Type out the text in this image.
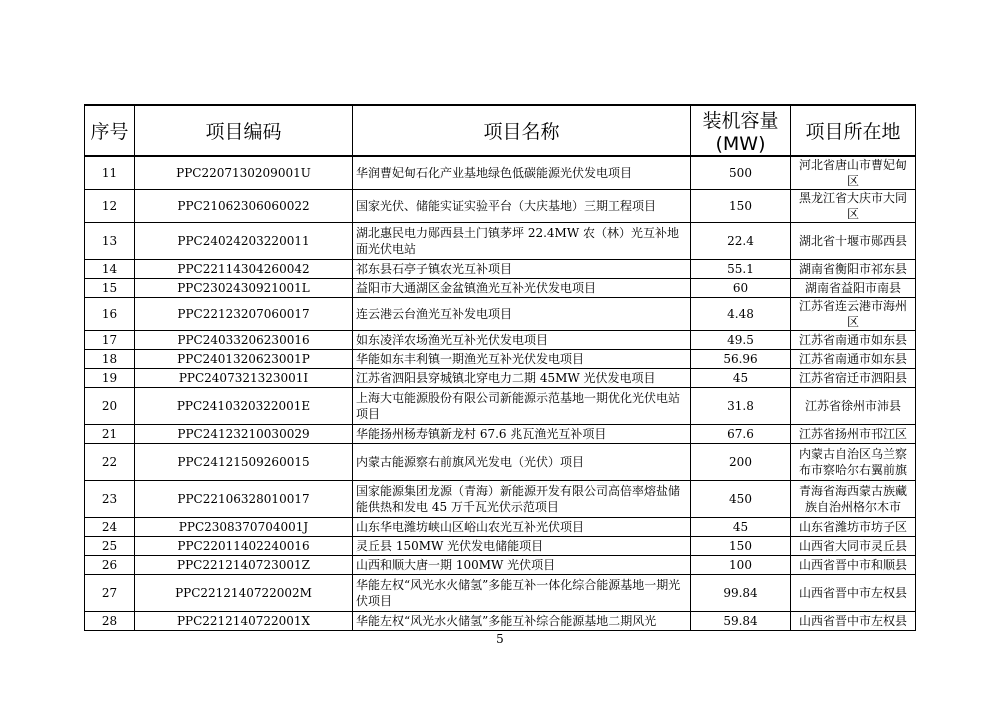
序号	项目编码	项目名称	装机容量(MW)	项目所在地
11	PPC2207130209001U	华润曹妃甸石化产业基地绿色低碳能源光伏发电项目	500	河北省唐山市曹妃甸区
12	PPC21062306060022	国家光伏、储能实证实验平台（大庆基地）三期工程项目	150	黑龙江省大庆市大同区
13	PPC24024203220011	湖北惠民电力郧西县土门镇茅坪 22.4MW 农（林）光互补地面光伏电站	22.4	湖北省十堰市郧西县
14	PPC22114304260042	祁东县石亭子镇农光互补项目	55.1	湖南省衡阳市祁东县
15	PPC2302430921001L	益阳市大通湖区金盆镇渔光互补光伏发电项目	60	湖南省益阳市南县
16	PPC22123207060017	连云港云台渔光互补发电项目	4.48	江苏省连云港市海州区
17	PPC24033206230016	如东凌洋农场渔光互补光伏发电项目	49.5	江苏省南通市如东县
18	PPC2401320623001P	华能如东丰利镇一期渔光互补光伏发电项目	56.96	江苏省南通市如东县
19	PPC2407321323001I	江苏省泗阳县穿城镇北穿电力二期 45MW 光伏发电项目	45	江苏省宿迁市泗阳县
20	PPC2410320322001E	上海大屯能源股份有限公司新能源示范基地一期优化光伏电站项目	31.8	江苏省徐州市沛县
21	PPC24123210030029	华能扬州杨寿镇新龙村 67.6 兆瓦渔光互补项目	67.6	江苏省扬州市邗江区
22	PPC24121509260015	内蒙古能源察右前旗风光发电（光伏）项目	200	内蒙古自治区乌兰察布市察哈尔右翼前旗
23	PPC22106328010017	国家能源集团龙源（青海）新能源开发有限公司高倍率熔盐储能供热和发电 45 万千瓦光伏示范项目	450	青海省海西蒙古族藏族自治州格尔木市
24	PPC2308370704001J	山东华电潍坊峡山区峪山农光互补光伏项目	45	山东省潍坊市坊子区
25	PPC22011402240016	灵丘县 150MW 光伏发电储能项目	150	山西省大同市灵丘县
26	PPC2212140723001Z	山西和顺大唐一期 100MW 光伏项目	100	山西省晋中市和顺县
27	PPC2212140722002M	华能左权“风光水火储氢”多能互补一体化综合能源基地一期光伏项目	99.84	山西省晋中市左权县
28	PPC2212140722001X	华能左权“风光水火储氢”多能互补综合能源基地二期风光	59.84	山西省晋中市左权县
5
